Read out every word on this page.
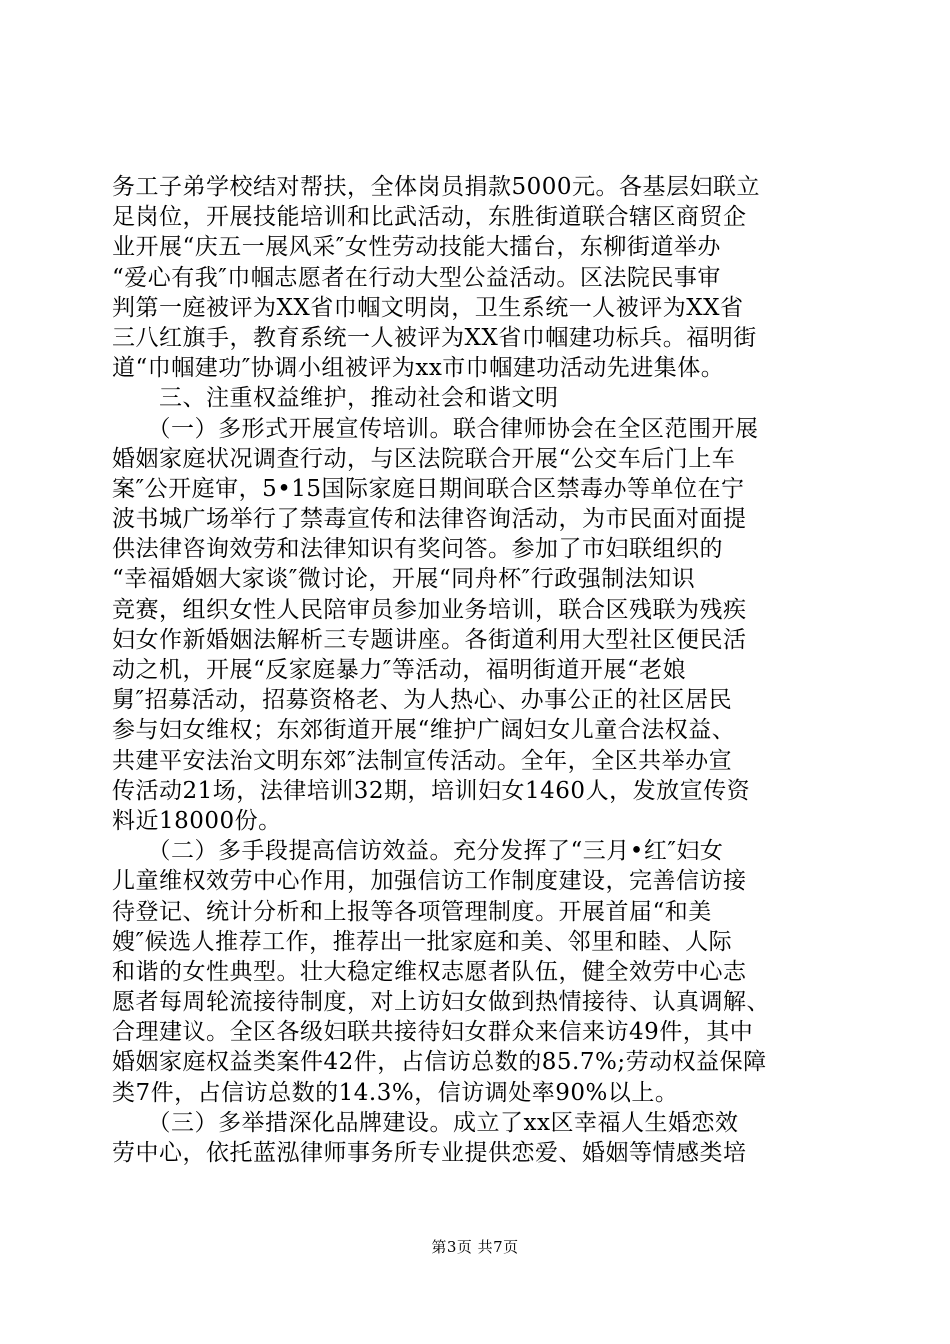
务工子弟学校结对帮扶，全体岗员捐款5000元。各基层妇联立
足岗位，开展技能培训和比武活动，东胜街道联合辖区商贸企
业开展“庆五一展风采″女性劳动技能大擂台，东柳街道举办
“爱心有我″巾帼志愿者在行动大型公益活动。区法院民事审
判第一庭被评为XX省巾帼文明岗，卫生系统一人被评为XX省
三八红旗手，教育系统一人被评为XX省巾帼建功标兵。福明街
道“巾帼建功″协调小组被评为xx市巾帼建功活动先进集体。
　　三、注重权益维护，推动社会和谐文明
　　（一）多形式开展宣传培训。联合律师协会在全区范围开展
婚姻家庭状况调查行动，与区法院联合开展“公交车后门上车
案″公开庭审，5•15国际家庭日期间联合区禁毒办等单位在宁
波书城广场举行了禁毒宣传和法律咨询活动，为市民面对面提
供法律咨询效劳和法律知识有奖问答。参加了市妇联组织的
“幸福婚姻大家谈″微讨论，开展“同舟杯″行政强制法知识
竞赛，组织女性人民陪审员参加业务培训，联合区残联为残疾
妇女作新婚姻法解析三专题讲座。各街道利用大型社区便民活
动之机，开展“反家庭暴力″等活动，福明街道开展“老娘
舅″招募活动，招募资格老、为人热心、办事公正的社区居民
参与妇女维权；东郊街道开展“维护广阔妇女儿童合法权益、
共建平安法治文明东郊″法制宣传活动。全年，全区共举办宣
传活动21场，法律培训32期，培训妇女1460人，发放宣传资
料近18000份。
　　（二）多手段提高信访效益。充分发挥了“三月•红″妇女
儿童维权效劳中心作用，加强信访工作制度建设，完善信访接
待登记、统计分析和上报等各项管理制度。开展首届“和美
嫂″候选人推荐工作，推荐出一批家庭和美、邻里和睦、人际
和谐的女性典型。壮大稳定维权志愿者队伍，健全效劳中心志
愿者每周轮流接待制度，对上访妇女做到热情接待、认真调解、
合理建议。全区各级妇联共接待妇女群众来信来访49件，其中
婚姻家庭权益类案件42件，占信访总数的85.7%;劳动权益保障
类7件，占信访总数的14.3%，信访调处率90%以上。
　　（三）多举措深化品牌建设。成立了xx区幸福人生婚恋效
劳中心，依托蓝泓律师事务所专业提供恋爱、婚姻等情感类培
第3页 共7页
